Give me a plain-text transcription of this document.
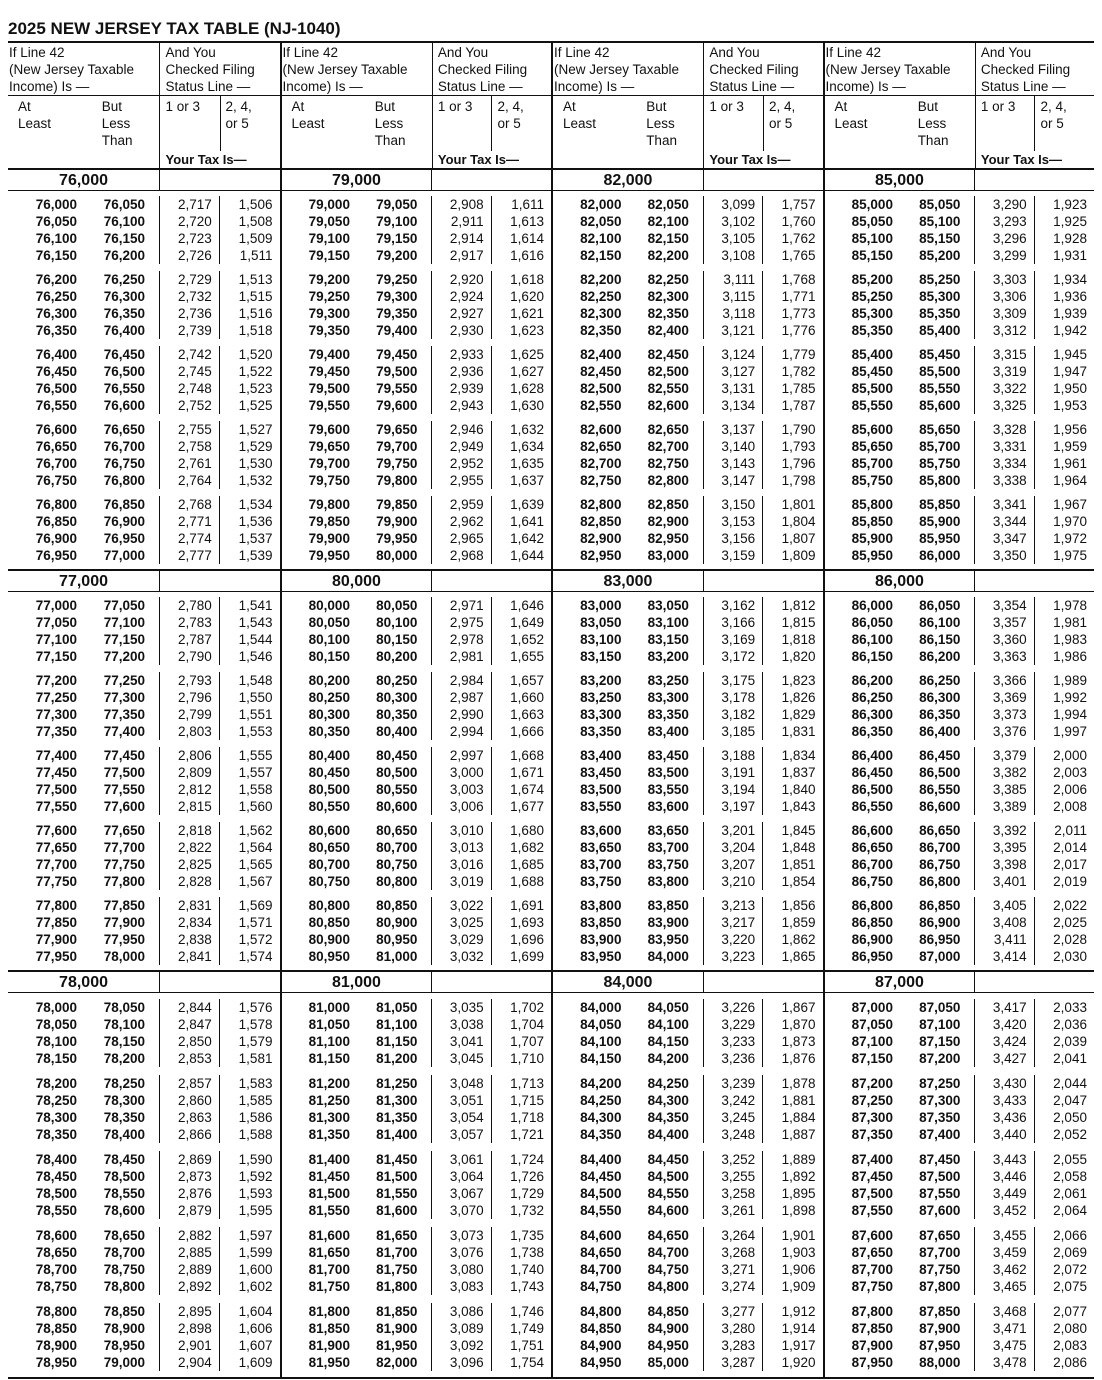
2025 NEW JERSEY TAX TABLE (NJ-1040)
If Line 42
(New Jersey Taxable
Income) Is —
At
Least
But
Less
Than
And You
Checked Filing
Status Line —
1 or 3	2, 4,
or 5
Your Tax Is—
76,000
76,000	76,050	2,717	1,506
76,050	76,100	2,720	1,508
76,100	76,150	2,723	1,509
76,150	76,200	2,726	1,511
76,200	76,250	2,729	1,513
76,250	76,300	2,732	1,515
76,300	76,350	2,736	1,516
76,350	76,400	2,739	1,518
76,400	76,450	2,742	1,520
76,450	76,500	2,745	1,522
76,500	76,550	2,748	1,523
76,550	76,600	2,752	1,525
76,600	76,650	2,755	1,527
76,650	76,700	2,758	1,529
76,700	76,750	2,761	1,530
76,750	76,800	2,764	1,532
76,800	76,850	2,768	1,534
76,850	76,900	2,771	1,536
76,900	76,950	2,774	1,537
76,950	77,000	2,777	1,539
77,000
77,000	77,050	2,780	1,541
77,050	77,100	2,783	1,543
77,100	77,150	2,787	1,544
77,150	77,200	2,790	1,546
77,200	77,250	2,793	1,548
77,250	77,300	2,796	1,550
77,300	77,350	2,799	1,551
77,350	77,400	2,803	1,553
77,400	77,450	2,806	1,555
77,450	77,500	2,809	1,557
77,500	77,550	2,812	1,558
77,550	77,600	2,815	1,560
77,600	77,650	2,818	1,562
77,650	77,700	2,822	1,564
77,700	77,750	2,825	1,565
77,750	77,800	2,828	1,567
77,800	77,850	2,831	1,569
77,850	77,900	2,834	1,571
77,900	77,950	2,838	1,572
77,950	78,000	2,841	1,574
78,000
78,000	78,050	2,844	1,576
78,050	78,100	2,847	1,578
78,100	78,150	2,850	1,579
78,150	78,200	2,853	1,581
78,200	78,250	2,857	1,583
78,250	78,300	2,860	1,585
78,300	78,350	2,863	1,586
78,350	78,400	2,866	1,588
78,400	78,450	2,869	1,590
78,450	78,500	2,873	1,592
78,500	78,550	2,876	1,593
78,550	78,600	2,879	1,595
78,600	78,650	2,882	1,597
78,650	78,700	2,885	1,599
78,700	78,750	2,889	1,600
78,750	78,800	2,892	1,602
78,800	78,850	2,895	1,604
78,850	78,900	2,898	1,606
78,900	78,950	2,901	1,607
78,950	79,000	2,904	1,609
If Line 42
(New Jersey Taxable
Income) Is —
At
Least
But
Less
Than
And You
Checked Filing
Status Line —
1 or 3	2, 4,
or 5
Your Tax Is—
79,000
79,000	79,050	2,908	1,611
79,050	79,100	2,911	1,613
79,100	79,150	2,914	1,614
79,150	79,200	2,917	1,616
79,200	79,250	2,920	1,618
79,250	79,300	2,924	1,620
79,300	79,350	2,927	1,621
79,350	79,400	2,930	1,623
79,400	79,450	2,933	1,625
79,450	79,500	2,936	1,627
79,500	79,550	2,939	1,628
79,550	79,600	2,943	1,630
79,600	79,650	2,946	1,632
79,650	79,700	2,949	1,634
79,700	79,750	2,952	1,635
79,750	79,800	2,955	1,637
79,800	79,850	2,959	1,639
79,850	79,900	2,962	1,641
79,900	79,950	2,965	1,642
79,950	80,000	2,968	1,644
80,000
80,000	80,050	2,971	1,646
80,050	80,100	2,975	1,649
80,100	80,150	2,978	1,652
80,150	80,200	2,981	1,655
80,200	80,250	2,984	1,657
80,250	80,300	2,987	1,660
80,300	80,350	2,990	1,663
80,350	80,400	2,994	1,666
80,400	80,450	2,997	1,668
80,450	80,500	3,000	1,671
80,500	80,550	3,003	1,674
80,550	80,600	3,006	1,677
80,600	80,650	3,010	1,680
80,650	80,700	3,013	1,682
80,700	80,750	3,016	1,685
80,750	80,800	3,019	1,688
80,800	80,850	3,022	1,691
80,850	80,900	3,025	1,693
80,900	80,950	3,029	1,696
80,950	81,000	3,032	1,699
81,000
81,000	81,050	3,035	1,702
81,050	81,100	3,038	1,704
81,100	81,150	3,041	1,707
81,150	81,200	3,045	1,710
81,200	81,250	3,048	1,713
81,250	81,300	3,051	1,715
81,300	81,350	3,054	1,718
81,350	81,400	3,057	1,721
81,400	81,450	3,061	1,724
81,450	81,500	3,064	1,726
81,500	81,550	3,067	1,729
81,550	81,600	3,070	1,732
81,600	81,650	3,073	1,735
81,650	81,700	3,076	1,738
81,700	81,750	3,080	1,740
81,750	81,800	3,083	1,743
81,800	81,850	3,086	1,746
81,850	81,900	3,089	1,749
81,900	81,950	3,092	1,751
81,950	82,000	3,096	1,754
If Line 42
(New Jersey Taxable
Income) Is —
At
Least
But
Less
Than
And You
Checked Filing
Status Line —
1 or 3	2, 4,
or 5
Your Tax Is—
82,000
82,000	82,050	3,099	1,757
82,050	82,100	3,102	1,760
82,100	82,150	3,105	1,762
82,150	82,200	3,108	1,765
82,200	82,250	3,111	1,768
82,250	82,300	3,115	1,771
82,300	82,350	3,118	1,773
82,350	82,400	3,121	1,776
82,400	82,450	3,124	1,779
82,450	82,500	3,127	1,782
82,500	82,550	3,131	1,785
82,550	82,600	3,134	1,787
82,600	82,650	3,137	1,790
82,650	82,700	3,140	1,793
82,700	82,750	3,143	1,796
82,750	82,800	3,147	1,798
82,800	82,850	3,150	1,801
82,850	82,900	3,153	1,804
82,900	82,950	3,156	1,807
82,950	83,000	3,159	1,809
83,000
83,000	83,050	3,162	1,812
83,050	83,100	3,166	1,815
83,100	83,150	3,169	1,818
83,150	83,200	3,172	1,820
83,200	83,250	3,175	1,823
83,250	83,300	3,178	1,826
83,300	83,350	3,182	1,829
83,350	83,400	3,185	1,831
83,400	83,450	3,188	1,834
83,450	83,500	3,191	1,837
83,500	83,550	3,194	1,840
83,550	83,600	3,197	1,843
83,600	83,650	3,201	1,845
83,650	83,700	3,204	1,848
83,700	83,750	3,207	1,851
83,750	83,800	3,210	1,854
83,800	83,850	3,213	1,856
83,850	83,900	3,217	1,859
83,900	83,950	3,220	1,862
83,950	84,000	3,223	1,865
84,000
84,000	84,050	3,226	1,867
84,050	84,100	3,229	1,870
84,100	84,150	3,233	1,873
84,150	84,200	3,236	1,876
84,200	84,250	3,239	1,878
84,250	84,300	3,242	1,881
84,300	84,350	3,245	1,884
84,350	84,400	3,248	1,887
84,400	84,450	3,252	1,889
84,450	84,500	3,255	1,892
84,500	84,550	3,258	1,895
84,550	84,600	3,261	1,898
84,600	84,650	3,264	1,901
84,650	84,700	3,268	1,903
84,700	84,750	3,271	1,906
84,750	84,800	3,274	1,909
84,800	84,850	3,277	1,912
84,850	84,900	3,280	1,914
84,900	84,950	3,283	1,917
84,950	85,000	3,287	1,920
If Line 42
(New Jersey Taxable
Income) Is —
At
Least
But
Less
Than
And You
Checked Filing
Status Line —
1 or 3	2, 4,
or 5
Your Tax Is—
85,000
85,000	85,050	3,290	1,923
85,050	85,100	3,293	1,925
85,100	85,150	3,296	1,928
85,150	85,200	3,299	1,931
85,200	85,250	3,303	1,934
85,250	85,300	3,306	1,936
85,300	85,350	3,309	1,939
85,350	85,400	3,312	1,942
85,400	85,450	3,315	1,945
85,450	85,500	3,319	1,947
85,500	85,550	3,322	1,950
85,550	85,600	3,325	1,953
85,600	85,650	3,328	1,956
85,650	85,700	3,331	1,959
85,700	85,750	3,334	1,961
85,750	85,800	3,338	1,964
85,800	85,850	3,341	1,967
85,850	85,900	3,344	1,970
85,900	85,950	3,347	1,972
85,950	86,000	3,350	1,975
86,000
86,000	86,050	3,354	1,978
86,050	86,100	3,357	1,981
86,100	86,150	3,360	1,983
86,150	86,200	3,363	1,986
86,200	86,250	3,366	1,989
86,250	86,300	3,369	1,992
86,300	86,350	3,373	1,994
86,350	86,400	3,376	1,997
86,400	86,450	3,379	2,000
86,450	86,500	3,382	2,003
86,500	86,550	3,385	2,006
86,550	86,600	3,389	2,008
86,600	86,650	3,392	2,011
86,650	86,700	3,395	2,014
86,700	86,750	3,398	2,017
86,750	86,800	3,401	2,019
86,800	86,850	3,405	2,022
86,850	86,900	3,408	2,025
86,900	86,950	3,411	2,028
86,950	87,000	3,414	2,030
87,000
87,000	87,050	3,417	2,033
87,050	87,100	3,420	2,036
87,100	87,150	3,424	2,039
87,150	87,200	3,427	2,041
87,200	87,250	3,430	2,044
87,250	87,300	3,433	2,047
87,300	87,350	3,436	2,050
87,350	87,400	3,440	2,052
87,400	87,450	3,443	2,055
87,450	87,500	3,446	2,058
87,500	87,550	3,449	2,061
87,550	87,600	3,452	2,064
87,600	87,650	3,455	2,066
87,650	87,700	3,459	2,069
87,700	87,750	3,462	2,072
87,750	87,800	3,465	2,075
87,800	87,850	3,468	2,077
87,850	87,900	3,471	2,080
87,900	87,950	3,475	2,083
87,950	88,000	3,478	2,086
